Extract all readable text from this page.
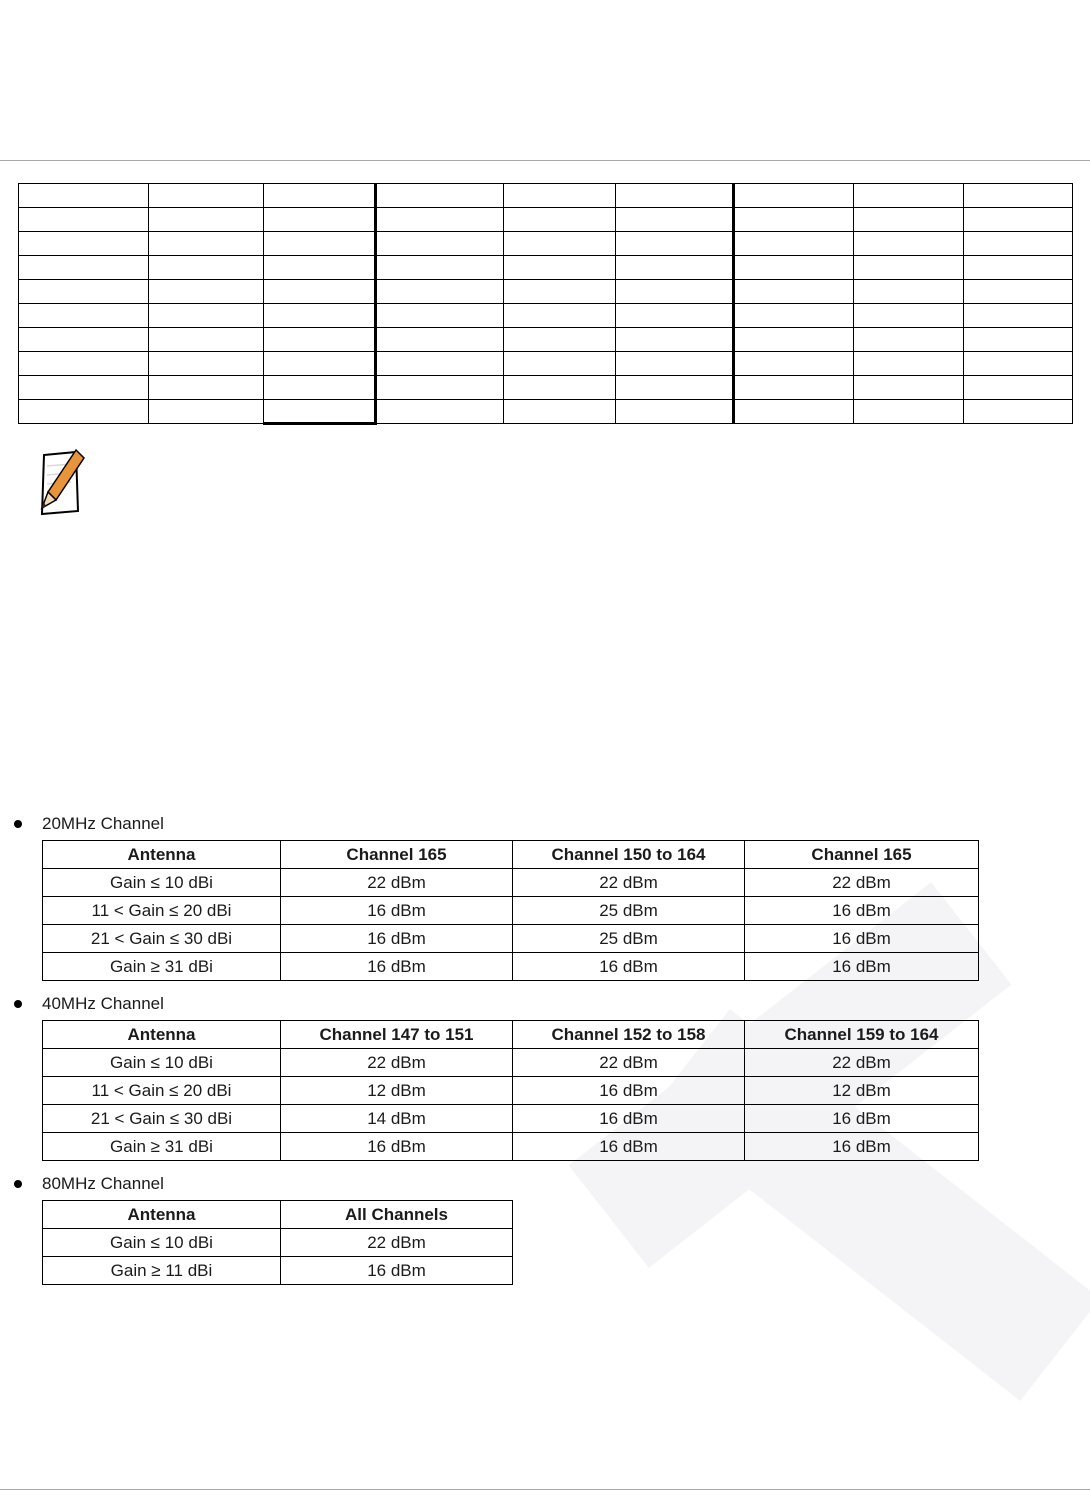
20MHz Channel
40MHz Channel
80MHz Channel
Antenna	Channel 165	Channel 150 to 164	Channel 165
Gain ≤ 10 dBi	22 dBm	22 dBm	22 dBm
11 < Gain ≤ 20 dBi	16 dBm	25 dBm	16 dBm
21 < Gain ≤ 30 dBi	16 dBm	25 dBm	16 dBm
Gain ≥ 31 dBi	16 dBm	16 dBm	16 dBm
Antenna	Channel 147 to 151	Channel 152 to 158	Channel 159 to 164
Gain ≤ 10 dBi	22 dBm	22 dBm	22 dBm
11 < Gain ≤ 20 dBi	12 dBm	16 dBm	12 dBm
21 < Gain ≤ 30 dBi	14 dBm	16 dBm	16 dBm
Gain ≥ 31 dBi	16 dBm	16 dBm	16 dBm
Antenna	All Channels
Gain ≤ 10 dBi	22 dBm
Gain ≥ 11 dBi	16 dBm
